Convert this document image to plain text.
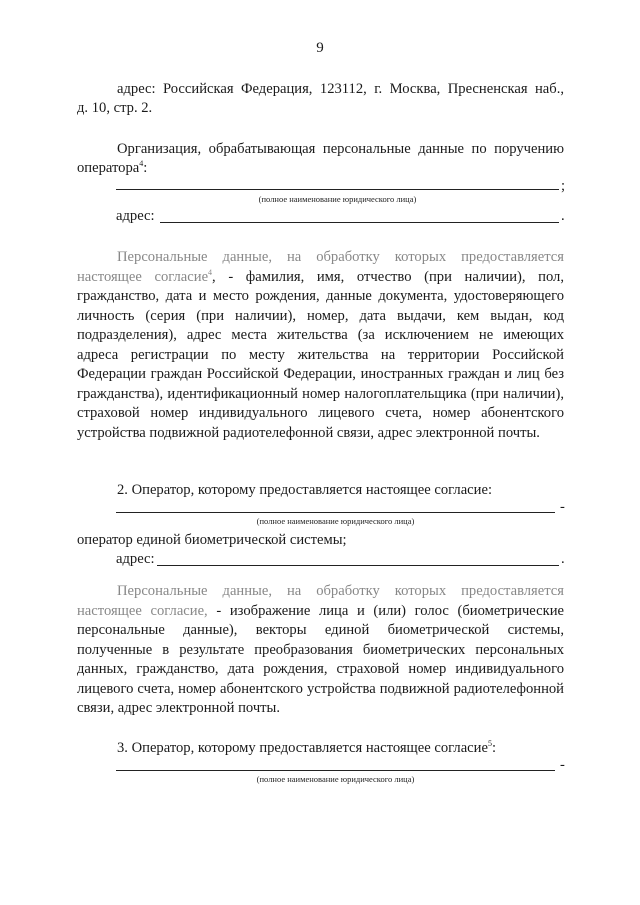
9

адрес: Российская Федерация, 123112, г. Москва, Пресненская наб.,

д. 10, стр. 2.

Организация, обрабатывающая персональные данные по поручению

оператора$^4$:

;
(полное наименование юридического лица)
адрес:	.

Персональные данные, на обработку которых предоставляетсянастоящее согласие$^4$, - фамилия, имя, отчество (при наличии), пол, гражданство, дата и место рождения, данные документа, удостоверяющего личность (серия (при наличии), номер, дата выдачи, кем выдан, код подразделения), адрес места жительства (за исключением не имеющих адреса регистрации по месту жительства на территории Российской Федерации граждан Российской Федерации, иностранных граждан и лиц без гражданства), идентификационный номер налогоплательщика (при наличии), страховой номер индивидуального лицевого счета, номер абонентского устройства подвижной радиотелефонной связи, адрес электронной почты.

2. Оператор, которому предоставляется настоящее согласие:

-
(полное наименование юридического лица)

оператор единой биометрической системы;

адрес:	.

Персональные данные, на обработку которых предоставляетсянастоящее согласие, - изображение лица и (или) голос (биометрические персональные данные), векторы единой биометрической системы, полученные в результате преобразования биометрических персональных данных, гражданство, дата рождения, страховой номер индивидуального лицевого счета, номер абонентского устройства подвижной радиотелефонной связи, адрес электронной почты.

3. Оператор, которому предоставляется настоящее согласие$^5$:

-
(полное наименование юридического лица)
